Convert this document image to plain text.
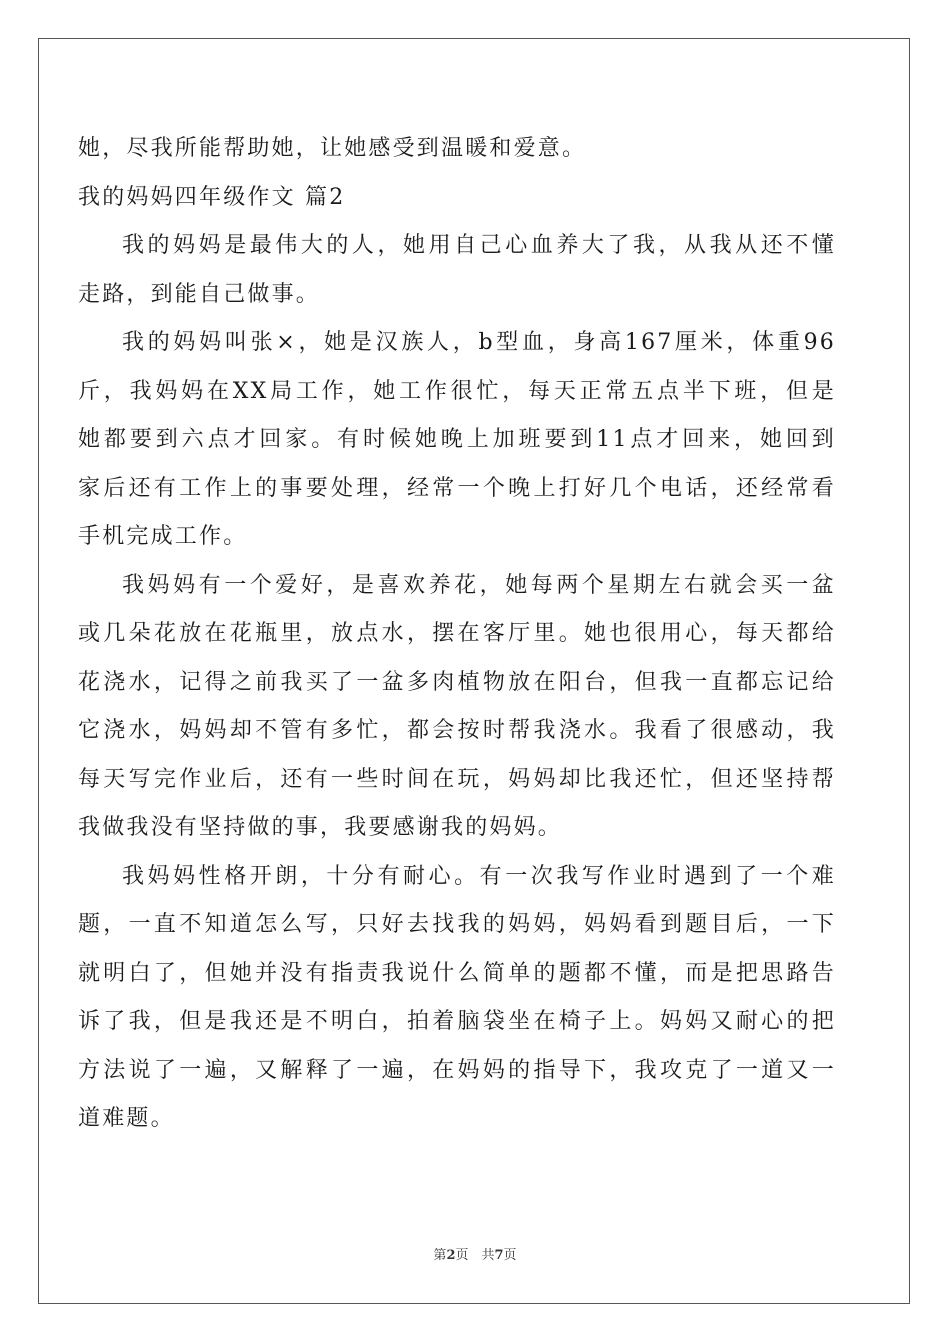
她，尽我所能帮助她，让她感受到温暖和爱意。
我的妈妈四年级作文 篇2
我的妈妈是最伟大的人，她用自己心血养大了我，从我从还不懂
走路，到能自己做事。
我的妈妈叫张×，她是汉族人，b型血，身高167厘米，体重96
斤，我妈妈在XX局工作，她工作很忙，每天正常五点半下班，但是
她都要到六点才回家。有时候她晚上加班要到11点才回来，她回到
家后还有工作上的事要处理，经常一个晚上打好几个电话，还经常看
手机完成工作。
我妈妈有一个爱好，是喜欢养花，她每两个星期左右就会买一盆
或几朵花放在花瓶里，放点水，摆在客厅里。她也很用心，每天都给
花浇水，记得之前我买了一盆多肉植物放在阳台，但我一直都忘记给
它浇水，妈妈却不管有多忙，都会按时帮我浇水。我看了很感动，我
每天写完作业后，还有一些时间在玩，妈妈却比我还忙，但还坚持帮
我做我没有坚持做的事，我要感谢我的妈妈。
我妈妈性格开朗，十分有耐心。有一次我写作业时遇到了一个难
题，一直不知道怎么写，只好去找我的妈妈，妈妈看到题目后，一下
就明白了，但她并没有指责我说什么简单的题都不懂，而是把思路告
诉了我，但是我还是不明白，拍着脑袋坐在椅子上。妈妈又耐心的把
方法说了一遍，又解释了一遍，在妈妈的指导下，我攻克了一道又一
道难题。
第2页　共7页
